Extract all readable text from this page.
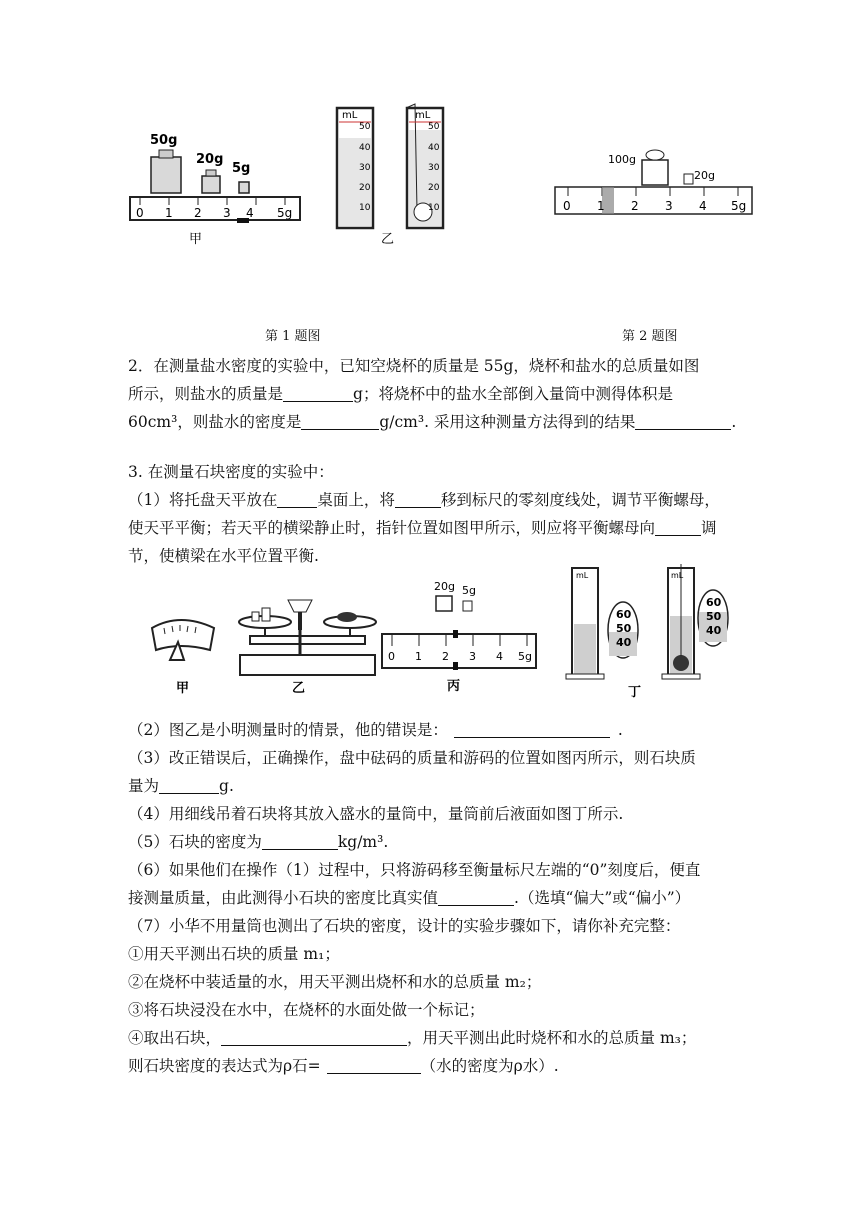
50g
20g
5g
0 1 2 3 4 5g
甲
mL
50
40
30
20
10
mL
50
40
30
20
10
乙
100g
20g
0 1 2 3 4 5g
第 1 题图	第 2 题图
2．在测量盐水密度的实验中，已知空烧杯的质量是 55g，烧杯和盐水的总质量如图
所示，则盐水的质量是	g；将烧杯中的盐水全部倒入量筒中测得体积是
60cm³，则盐水的密度是	g/cm³. 采用这种测量方法得到的结果	.
3. 在测量石块密度的实验中：
（1）将托盘天平放在	桌面上，将	移到标尺的零刻度线处，调节平衡螺母，
使天平平衡；若天平的横梁静止时，指针位置如图甲所示，则应将平衡螺母向	调
节，使横梁在水平位置平衡.
甲	乙
20g 5g
0 1 2 3 4 5g
丙
mL
60
50
40
mL
60
50
40
丁
（2）图乙是小明测量时的情景，他的错误是：	.
（3）改正错误后，正确操作，盘中砝码的质量和游码的位置如图丙所示，则石块质
量为	g.
（4）用细线吊着石块将其放入盛水的量筒中，量筒前后液面如图丁所示.
（5）石块的密度为	kg/m³.
（6）如果他们在操作（1）过程中，只将游码移至衡量标尺左端的“0”刻度后，便直
接测量质量，由此测得小石块的密度比真实值	.（选填“偏大”或“偏小”）
（7）小华不用量筒也测出了石块的密度，设计的实验步骤如下，请你补充完整：
①用天平测出石块的质量 m₁；
②在烧杯中装适量的水，用天平测出烧杯和水的总质量 m₂；
③将石块浸没在水中，在烧杯的水面处做一个标记；
④取出石块，	，用天平测出此时烧杯和水的总质量 m₃；
则石块密度的表达式为ρ石=	（水的密度为ρ水）.
